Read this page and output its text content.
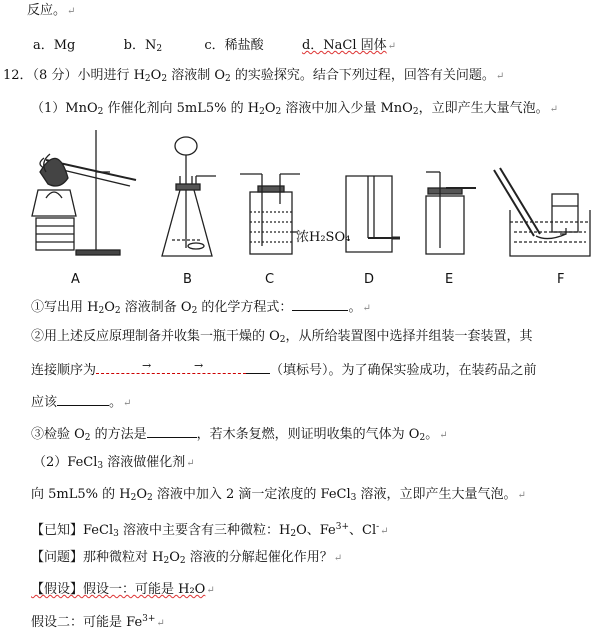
反应。↵
a．Mg	b．$N_2$	c．稀盐酸	d．NaCl 固体↵
12．（8 分）小明进行 $H_2O_2$ 溶液制 $O_2$ 的实验探究。结合下列过程，回答有关问题。↵
（1）MnO$_2$ 作催化剂向 5mL5% 的 $H_2O_2$ 溶液中加入少量 MnO$_2$，立即产生大量气泡。↵
浓H₂SO₄
A	B	C	D	E	F
①写出用 $H_2O_2$ 溶液制备 $O_2$ 的化学方程式：	。↵
②用上述反应原理制备并收集一瓶干燥的 $O_2$，从所给装置图中选择并组装一套装置，其
连接顺序为	→	→	（填标号）。为了确保实验成功，在装药品之前
应该	。↵
③检验 $O_2$ 的方法是	，若木条复燃，则证明收集的气体为 $O_2$。↵
（2）FeCl$_3$ 溶液做催化剂↵
向 5mL5% 的 $H_2O_2$ 溶液中加入 2 滴一定浓度的 FeCl$_3$ 溶液，立即产生大量气泡。↵
【已知】FeCl$_3$ 溶液中主要含有三种微粒：$H_2O$、$Fe^{3+}$、Cl-↵
【问题】那种微粒对 $H_2O_2$ 溶液的分解起催化作用？↵
【假设】假设一：可能是 H₂O↵
假设二：可能是 $Fe^{3+}↵$
